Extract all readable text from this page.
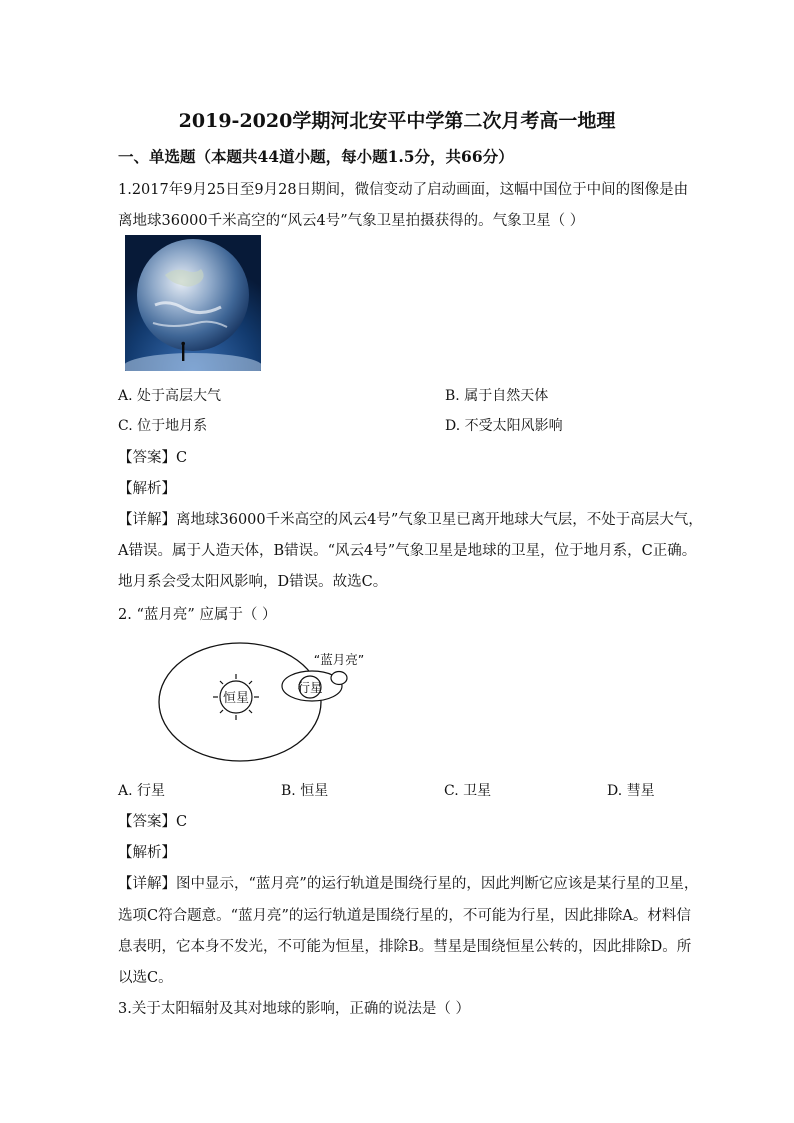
2019-2020学期河北安平中学第二次月考高一地理
一、单选题（本题共44道小题，每小题1.5分，共66分）
1.2017年9月25日至9月28日期间，微信变动了启动画面，这幅中国位于中间的图像是由
离地球36000千米高空的“风云4号”气象卫星拍摄获得的。气象卫星（ ）
A. 处于高层大气	B. 属于自然天体
C. 位于地月系	D. 不受太阳风影响
【答案】C
【解析】
【详解】离地球36000千米高空的风云4号”气象卫星已离开地球大气层，不处于高层大气，
A错误。属于人造天体，B错误。“风云4号”气象卫星是地球的卫星，位于地月系，C正确。
地月系会受太阳风影响，D错误。故选C。
2. “蓝月亮” 应属于（ ）
恒星
行星
“蓝月亮”
A. 行星	B. 恒星	C. 卫星	D. 彗星
【答案】C
【解析】
【详解】图中显示，“蓝月亮”的运行轨道是围绕行星的，因此判断它应该是某行星的卫星，
选项C符合题意。“蓝月亮”的运行轨道是围绕行星的，不可能为行星，因此排除A。材料信
息表明，它本身不发光，不可能为恒星，排除B。彗星是围绕恒星公转的，因此排除D。所
以选C。
3.关于太阳辐射及其对地球的影响，正确的说法是（ ）
